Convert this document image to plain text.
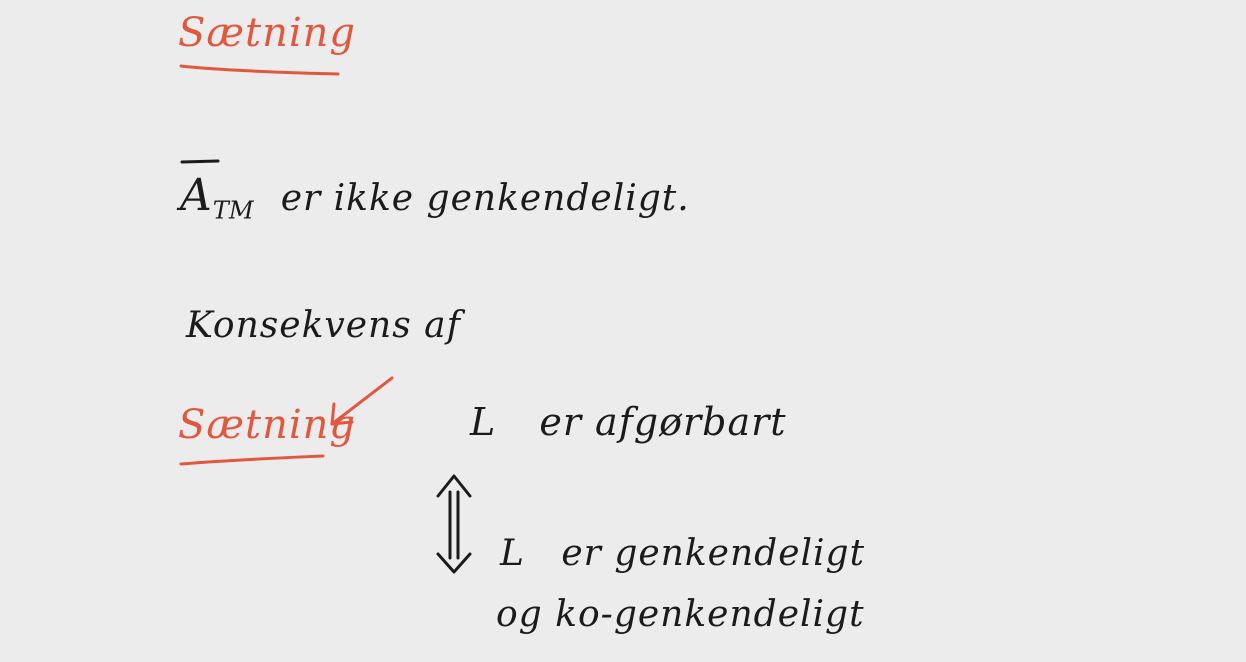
Sætning
A
$_{TM}$ er ikke genkendeligt.
Konsekvens af
Sætning	L er afgørbart
L er genkendeligt
og ko-genkendeligt
